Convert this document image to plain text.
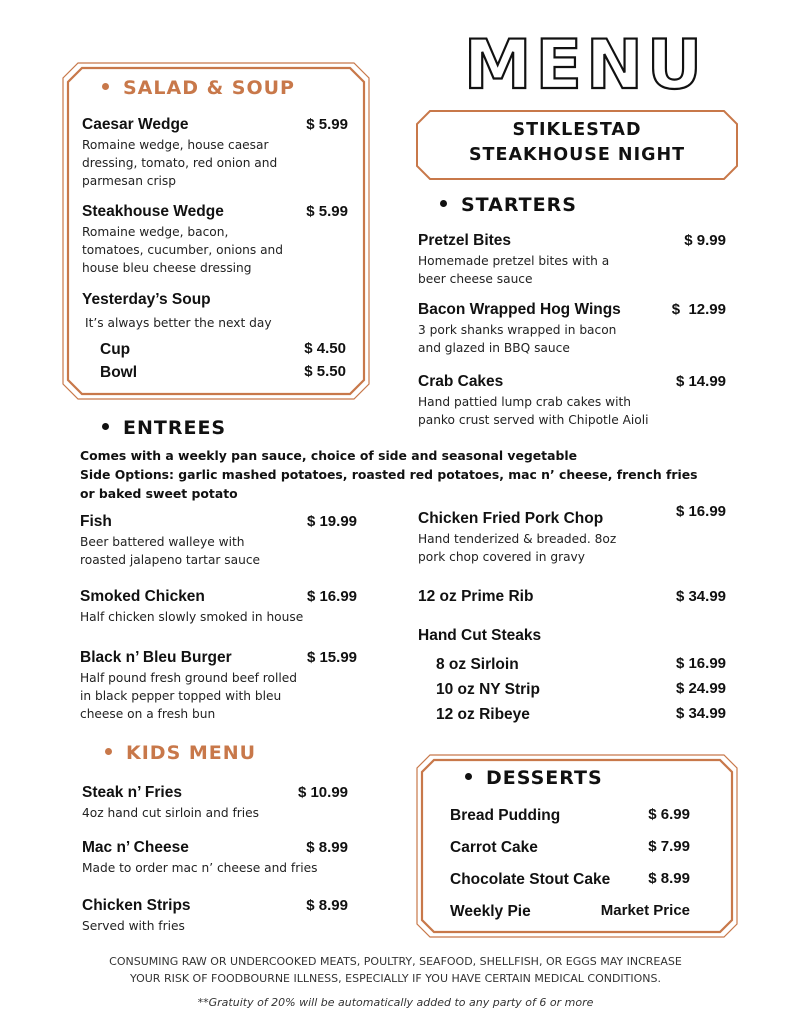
MENU
STIKLESTAD
STEAKHOUSE NIGHT
SALAD & SOUP
Caesar Wedge	$ 5.99
Romaine wedge, house caesar
dressing, tomato, red onion and
parmesan crisp
Steakhouse Wedge	$ 5.99
Romaine wedge, bacon,
tomatoes, cucumber, onions and
house bleu cheese dressing
Yesterday’s Soup
It’s always better the next day
Cup	$ 4.50
Bowl	$ 5.50
STARTERS
Pretzel Bites	$ 9.99
Homemade pretzel bites with a
beer cheese sauce
Bacon Wrapped Hog Wings	$  12.99
3 pork shanks wrapped in bacon
and glazed in BBQ sauce
Crab Cakes	$ 14.99
Hand pattied lump crab cakes with
panko crust served with Chipotle Aioli
ENTREES
Comes with a weekly pan sauce, choice of side and seasonal vegetable
Side Options: garlic mashed potatoes, roasted red potatoes, mac n’ cheese, french fries
or baked sweet potato
Fish	$ 19.99
Beer battered walleye with
roasted jalapeno tartar sauce
Smoked Chicken	$ 16.99
Half chicken slowly smoked in house
Black n’ Bleu Burger	$ 15.99
Half pound fresh ground beef rolled
in black pepper topped with bleu
cheese on a fresh bun
Chicken Fried Pork Chop	$ 16.99
Hand tenderized & breaded. 8oz
pork chop covered in gravy
12 oz Prime Rib	$ 34.99
Hand Cut Steaks
8 oz Sirloin	$ 16.99
10 oz NY Strip	$ 24.99
12 oz Ribeye	$ 34.99
KIDS MENU
Steak n’ Fries	$ 10.99
4oz hand cut sirloin and fries
Mac n’ Cheese	$ 8.99
Made to order mac n’ cheese and fries
Chicken Strips	$ 8.99
Served with fries
DESSERTS
Bread Pudding	$ 6.99
Carrot Cake	$ 7.99
Chocolate Stout Cake	$ 8.99
Weekly Pie	Market Price
CONSUMING RAW OR UNDERCOOKED MEATS, POULTRY, SEAFOOD, SHELLFISH, OR EGGS MAY INCREASE
YOUR RISK OF FOODBOURNE ILLNESS, ESPECIALLY IF YOU HAVE CERTAIN MEDICAL CONDITIONS.
**Gratuity of 20% will be automatically added to any party of 6 or more
